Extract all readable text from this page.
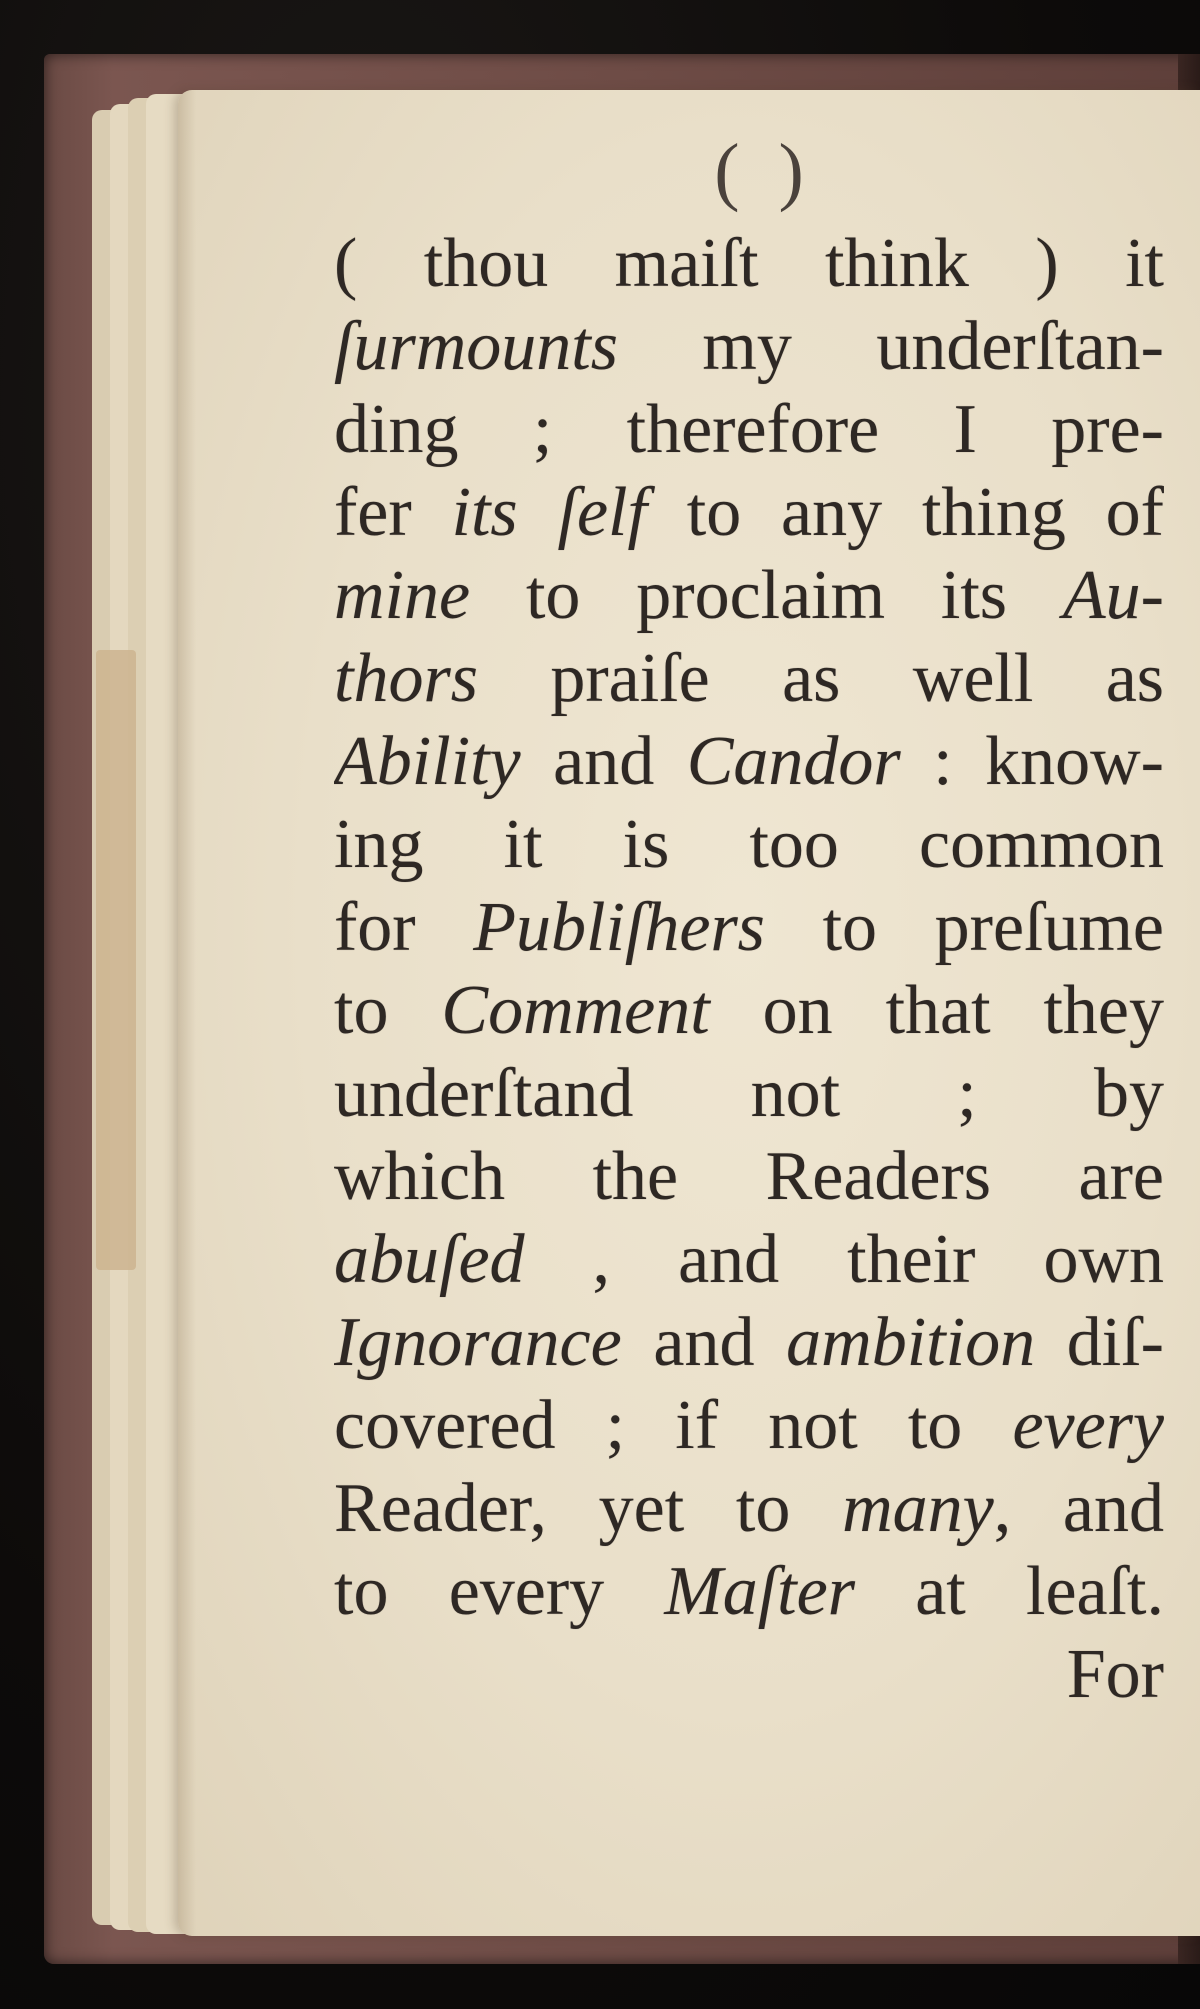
( )
( thou maiſt think ) it
ſurmounts my underſtan-
ding ; therefore I pre-
fer its ſelf to any thing of
mine to proclaim its Au-
thors praiſe as well as
Ability and Candor : know-
ing it is too common
for Publiſhers to preſume
to Comment on that they
underſtand not ; by
which the Readers are
abuſed , and their own
Ignorance and ambition diſ-
covered ; if not to every
Reader, yet to many, and
to every Maſter at leaſt.
For
